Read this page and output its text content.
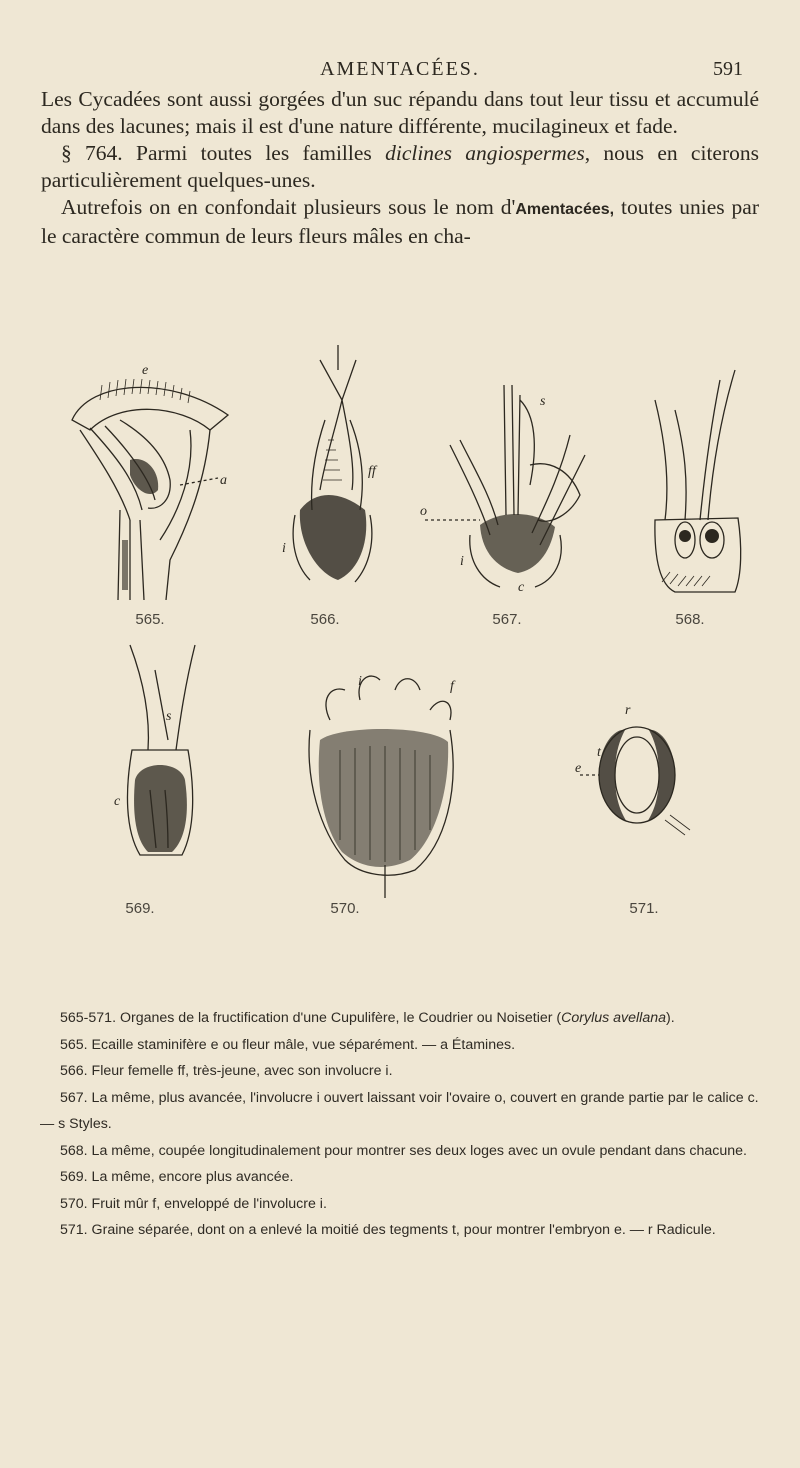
AMENTACÉES.	591

Les Cycadées sont aussi gorgées d'un suc répandu dans tout leur tissu et accumulé dans des lacunes; mais il est d'une nature différente, mucilagineux et fade.

§ 764. Parmi toutes les familles diclines angiospermes, nous en citerons particulièrement quelques-unes.

Autrefois on en confondait plusieurs sous le nom d'Amentacées, toutes unies par le caractère commun de leurs fleurs mâles en cha-

e
a
ff
i
s
o
i
c
565.	566.	567.	568.
s
c
i	f
r
t
e
569.	570.	571.

565-571. Organes de la fructification d'une Cupulifère, le Coudrier ou Noisetier (Corylus avellana).

565. Ecaille staminifère e ou fleur mâle, vue séparément. — a Étamines.

566. Fleur femelle ff, très-jeune, avec son involucre i.

567. La même, plus avancée, l'involucre i ouvert laissant voir l'ovaire o, couvert en grande partie par le calice c.— s Styles.

568. La même, coupée longitudinalement pour montrer ses deux loges avec un ovule pendant dans chacune.

569. La même, encore plus avancée.

570. Fruit mûr f, enveloppé de l'involucre i.

571. Graine séparée, dont on a enlevé la moitié des tegments t, pour montrer l'embryon e. — r Radicule.
